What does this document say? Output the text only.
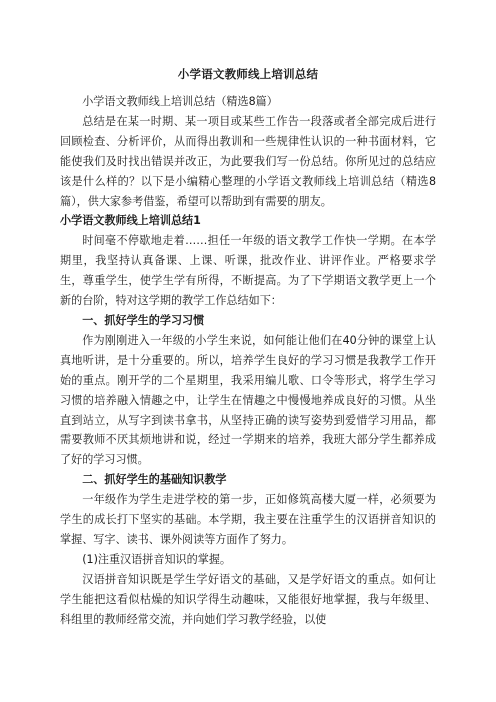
小学语文教师线上培训总结

小学语文教师线上培训总结（精选8篇）

总结是在某一时期、某一项目或某些工作告一段落或者全部完成后进行回顾检查、分析评价，从而得出教训和一些规律性认识的一种书面材料，它能使我们及时找出错误并改正，为此要我们写一份总结。你所见过的总结应该是什么样的？以下是小编精心整理的小学语文教师线上培训总结（精选8篇），供大家参考借鉴，希望可以帮助到有需要的朋友。

小学语文教师线上培训总结1

时间毫不停歇地走着……担任一年级的语文教学工作快一学期。在本学期里，我坚持认真备课、上课、听课，批改作业、讲评作业。严格要求学生，尊重学生，使学生学有所得，不断提高。为了下学期语文教学更上一个新的台阶，特对这学期的教学工作总结如下：

一、抓好学生的学习习惯

作为刚刚进入一年级的小学生来说，如何能让他们在40分钟的课堂上认真地听讲，是十分重要的。所以，培养学生良好的学习习惯是我教学工作开始的重点。刚开学的二个星期里，我采用编儿歌、口令等形式，将学生学习习惯的培养融入情趣之中，让学生在情趣之中慢慢地养成良好的习惯。从坐直到站立，从写字到读书拿书，从坚持正确的读写姿势到爱惜学习用品，都需要教师不厌其烦地讲和说，经过一学期来的培养，我班大部分学生都养成了好的学习习惯。

二、抓好学生的基础知识教学

一年级作为学生走进学校的第一步，正如修筑高楼大厦一样，必须要为学生的成长打下坚实的基础。本学期，我主要在注重学生的汉语拼音知识的掌握、写字、读书、课外阅读等方面作了努力。

(1)注重汉语拼音知识的掌握。

汉语拼音知识既是学生学好语文的基础，又是学好语文的重点。如何让学生能把这看似枯燥的知识学得生动趣味，又能很好地掌握，我与年级里、科组里的教师经常交流，并向她们学习教学经验，以使
